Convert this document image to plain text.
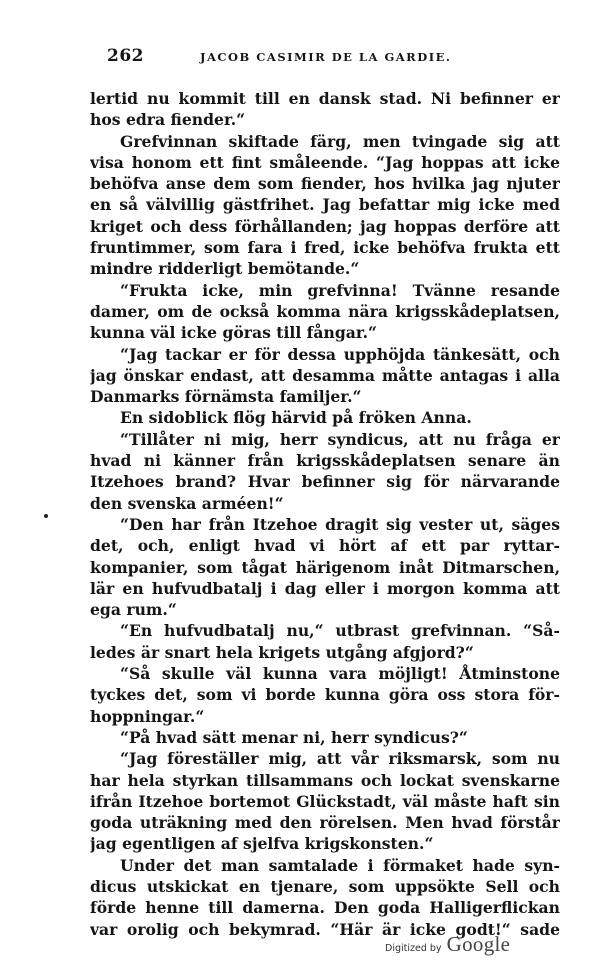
262	JACOB CASIMIR DE LA GARDIE.
lertid nu kommit till en dansk stad. Ni befinner er
hos edra fiender.“
Grefvinnan skiftade färg, men tvingade sig att
visa honom ett fint småleende. “Jag hoppas att icke
behöfva anse dem som fiender, hos hvilka jag njuter
en så välvillig gästfrihet. Jag befattar mig icke med
kriget och dess förhållanden; jag hoppas derföre att
fruntimmer, som fara i fred, icke behöfva frukta ett
mindre ridderligt bemötande.“
“Frukta icke, min grefvinna! Tvänne resande
damer, om de också komma nära krigsskådeplatsen,
kunna väl icke göras till fångar.“
“Jag tackar er för dessa upphöjda tänkesätt, och
jag önskar endast, att desamma måtte antagas i alla
Danmarks förnämsta familjer.“
En sidoblick flög härvid på fröken Anna.
“Tillåter ni mig, herr syndicus, att nu fråga er
hvad ni känner från krigsskådeplatsen senare än
Itzehoes brand? Hvar befinner sig för närvarande
den svenska arméen!“
“Den har från Itzehoe dragit sig vester ut, säges
det, och, enligt hvad vi hört af ett par ryttar-
kompanier, som tågat härigenom inåt Ditmarschen,
lär en hufvudbatalj i dag eller i morgon komma att
ega rum.“
“En hufvudbatalj nu,“ utbrast grefvinnan. “Så-
ledes är snart hela krigets utgång afgjord?“
“Så skulle väl kunna vara möjligt! Åtminstone
tyckes det, som vi borde kunna göra oss stora för-
hoppningar.“
“På hvad sätt menar ni, herr syndicus?“
“Jag föreställer mig, att vår riksmarsk, som nu
har hela styrkan tillsammans och lockat svenskarne
ifrån Itzehoe bortemot Glückstadt, väl måste haft sin
goda uträkning med den rörelsen. Men hvad förstår
jag egentligen af sjelfva krigskonsten.“
Under det man samtalade i förmaket hade syn-
dicus utskickat en tjenare, som uppsökte Sell och
förde henne till damerna. Den goda Halligerflickan
var orolig och bekymrad. “Här är icke godt!“ sade
Digitized by Google
